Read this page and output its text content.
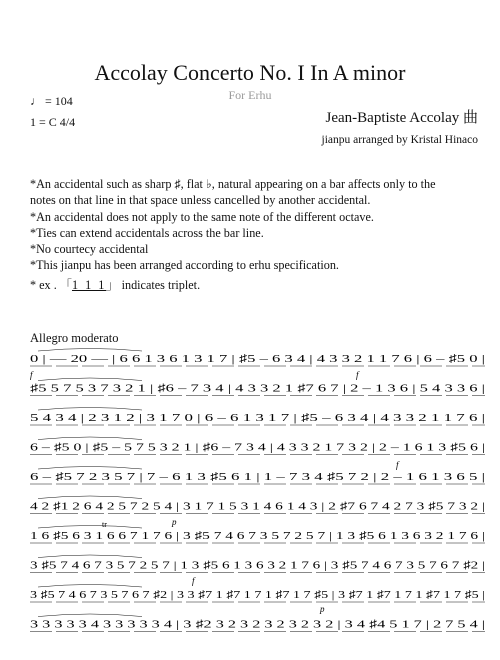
Accolay Concerto No. I In A minor
For Erhu
♩ = 104
1 = C 4/4	Jean-Baptiste Accolay 曲
jianpu arranged by Kristal Hinaco
*An accidental such as sharp ♯, flat ♭, natural appearing on a bar affects only to the
notes on that line in that space unless cancelled by another accidental.
*An accidental does not apply to the same note of the different octave.
*Ties can extend accidentals across the bar line.
*No courtecy accidental
*This jianpu has been arranged according to erhu specification.
* ex . 「1 1 1」 indicates triplet.
Allegro moderato
0 | — 20 — | 6 6 1 3 6 1 3 1 7 | ♯5 – 6 3 4 | 4 3 3 2 1 1 7 6 | 6 – ♯5 0 |
♯5 5 7 5 3 7 3 2 1 | ♯6 – 7 3 4 | 4 3 3 2 1 ♯7 6 7 | 2 – 1 3 6 | 5 4 3 3 6 |
5 4 3 4 | 2 3 1 2 | 3 1 7 0 | 6 – 6 1 3 1 7 | ♯5 – 6 3 4 | 4 3 3 2 1 1 7 6 |
6 – ♯5 0 | ♯5 – 5 7 5 3 2 1 | ♯6 – 7 3 4 | 4 3 3 2 1 7 3 2 | 2 – 1 6 1 3 ♯5 6 |
6 – ♯5 7 2 3 5 7 | 7 – 6 1 3 ♯5 6 1 | 1 – 7 3 4 ♯5 7 2 | 2 – 1 6 1 3 6 5 |
4 2 ♯1 2 6 4 2 5 7 2 5 4 | 3 1 7 1 5 3 1 4 6 1 4 3 | 2 ♯7 6 7 4 2 7 3 ♯5 7 3 2 |
1 6 ♯5 6 3 1 6 6 7 1 7 6 | 3 ♯5 7 4 6 7 3 5 7 2 5 7 | 1 3 ♯5 6 1 3 6 3 2 1 7 6 |
3 ♯5 7 4 6 7 3 5 7 2 5 7 | 1 3 ♯5 6 1 3 6 3 2 1 7 6 | 3 ♯5 7 4 6 7 3 5 7 6 7 ♯2 |
3 ♯5 7 4 6 7 3 5 7 6 7 ♯2 | 3 3 ♯7 1 ♯7 1 7 1 ♯7 1 7 ♯5 | 3 ♯7 1 ♯7 1 7 1 ♯7 1 7 ♯5 |
3 3 3 3 3 4 3 3 3 3 3 4 | 3 ♯2 3 2 3 2 3 2 3 2 3 2 | 3 4 ♯4 5 1 7 | 2 7 5 4 |
f	f
f
p
f
p
tr
